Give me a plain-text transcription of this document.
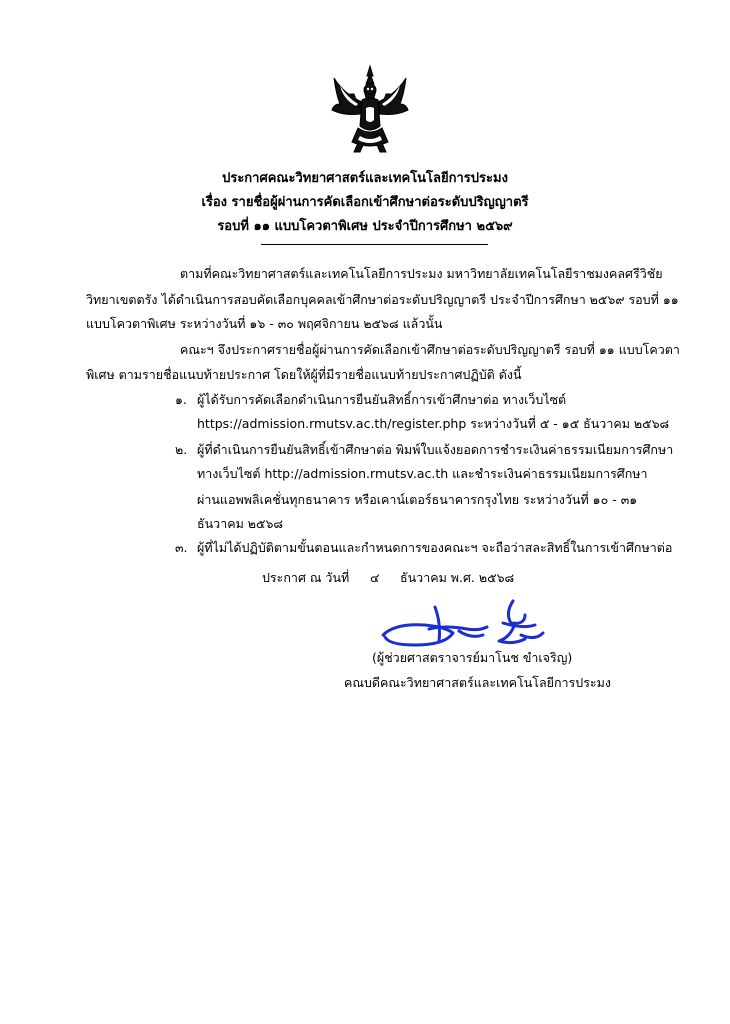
ประกาศคณะวิทยาศาสตร์และเทคโนโลยีการประมง
เรื่อง รายชื่อผู้ผ่านการคัดเลือกเข้าศึกษาต่อระดับปริญญาตรี
รอบที่ ๑๑ แบบโควตาพิเศษ ประจำปีการศึกษา ๒๕๖๙
ตามที่คณะวิทยาศาสตร์และเทคโนโลยีการประมง มหาวิทยาลัยเทคโนโลยีราชมงคลศรีวิชัย
วิทยาเขตตรัง ได้ดำเนินการสอบคัดเลือกบุคคลเข้าศึกษาต่อระดับปริญญาตรี ประจำปีการศึกษา ๒๕๖๙ รอบที่ ๑๑
แบบโควตาพิเศษ ระหว่างวันที่ ๑๖ - ๓๐ พฤศจิกายน ๒๕๖๘ แล้วนั้น
คณะฯ จึงประกาศรายชื่อผู้ผ่านการคัดเลือกเข้าศึกษาต่อระดับปริญญาตรี รอบที่ ๑๑ แบบโควตา
พิเศษ ตามรายชื่อแนบท้ายประกาศ โดยให้ผู้ที่มีรายชื่อแนบท้ายประกาศปฏิบัติ ดังนี้
๑. ผู้ได้รับการคัดเลือกดำเนินการยืนยันสิทธิ์การเข้าศึกษาต่อ ทางเว็บไซต์
https://admission.rmutsv.ac.th/register.php ระหว่างวันที่ ๕ - ๑๕ ธันวาคม ๒๕๖๘
๒. ผู้ที่ดำเนินการยืนยันสิทธิ์เข้าศึกษาต่อ พิมพ์ใบแจ้งยอดการชำระเงินค่าธรรมเนียมการศึกษา
ทางเว็บไซต์ http://admission.rmutsv.ac.th และชำระเงินค่าธรรมเนียมการศึกษา
ผ่านแอพพลิเคชั่นทุกธนาคาร หรือเคาน์เตอร์ธนาคารกรุงไทย ระหว่างวันที่ ๑๐ - ๓๑
ธันวาคม ๒๕๖๘
๓. ผู้ที่ไม่ได้ปฏิบัติตามขั้นตอนและกำหนดการของคณะฯ จะถือว่าสละสิทธิ์ในการเข้าศึกษาต่อ
ประกาศ ณ วันที่ ๔ ธันวาคม พ.ศ. ๒๕๖๘
(ผู้ช่วยศาสตราจารย์มาโนช ขำเจริญ)
คณบดีคณะวิทยาศาสตร์และเทคโนโลยีการประมง
